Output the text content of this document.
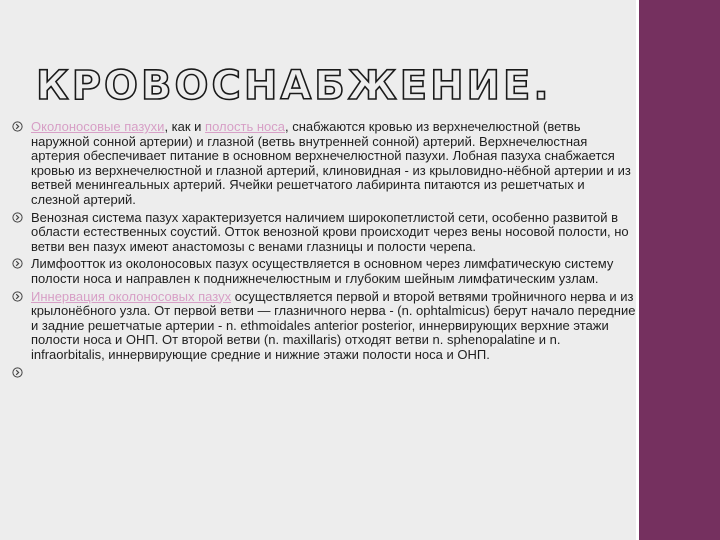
КРОВОСНАБЖЕНИЕ.
Околоносовые пазухи, как и полость носа, снабжаются кровью из верхнечелюстной (ветвь наружной сонной артерии) и глазной (ветвь внутренней сонной) артерий. Верхнечелюстная артерия обеспечивает питание в основном верхнечелюстной пазухи. Лобная пазуха снабжается кровью из верхнечелюстной и глазной артерий, клиновидная - из крыловидно-нёбной артерии и из ветвей менингеальных артерий. Ячейки решетчатого лабиринта питаются из решетчатых и слезной артерий.
Венозная система пазух характеризуется наличием широкопетлистой сети, особенно развитой в области естественных соустий. Отток венозной крови происходит через вены носовой полости, но ветви вен пазух имеют анастомозы с венами глазницы и полости черепа.
Лимфоотток из околоносовых пазух осуществляется в основном через лимфатическую систему полости носа и направлен к поднижнечелюстным и глубоким шейным лимфатическим узлам.
Иннервация околоносовых пазух осуществляется первой и второй ветвями тройничного нерва и из крылонёбного узла. От первой ветви — глазничного нерва - (n. ophtalmicus) берут начало передние и задние решетчатые артерии - n. ethmoidales anterior posterior, иннервирующих верхние этажи полости носа и ОНП. От второй ветви (n. maxillaris) отходят ветви n. sphenopalatine и n. infraorbitalis, иннервирующие средние и нижние этажи полости носа и ОНП.
